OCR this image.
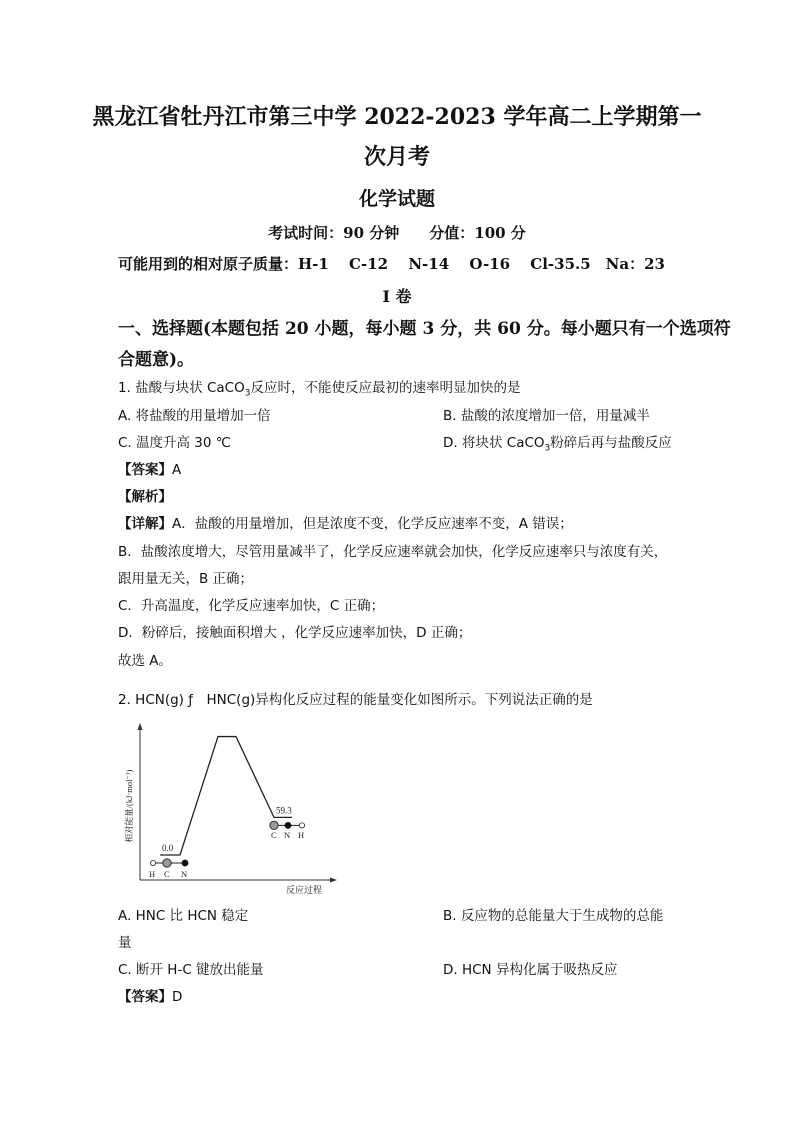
黑龙江省牡丹江市第三中学 2022-2023 学年高二上学期第一
次月考
化学试题
考试时间：90 分钟　　分值：100 分
可能用到的相对原子质量：H-1　 C-12　 N-14　 O-16　 Cl-35.5　Na：23
I 卷
一、选择题(本题包括 20 小题，每小题 3 分，共 60 分。每小题只有一个选项符
合题意)。
1. 盐酸与块状 CaCO$_3$反应时，不能使反应最初的速率明显加快的是
A. 将盐酸的用量增加一倍	B. 盐酸的浓度增加一倍，用量减半
C. 温度升高 30 ℃	D. 将块状 CaCO$_3$粉碎后再与盐酸反应
【答案】A
【解析】
【详解】A．盐酸的用量增加，但是浓度不变，化学反应速率不变，A 错误；
B．盐酸浓度增大，尽管用量减半了，化学反应速率就会加快，化学反应速率只与浓度有关，
跟用量无关，B 正确；
C．升高温度，化学反应速率加快，C 正确；
D．粉碎后，接触面积增大 ，化学反应速率加快，D 正确；
故选 A。
2. HCN(g) ƒ　HNC(g)异构化反应过程的能量变化如图所示。下列说法正确的是
0.0
59.3
H C N
C N H
反应过程
相对能量/(kJ·mol⁻¹)
A. HNC 比 HCN 稳定	B. 反应物的总能量大于生成物的总能
量
C. 断开 H-C 键放出能量	D. HCN 异构化属于吸热反应
【答案】D
